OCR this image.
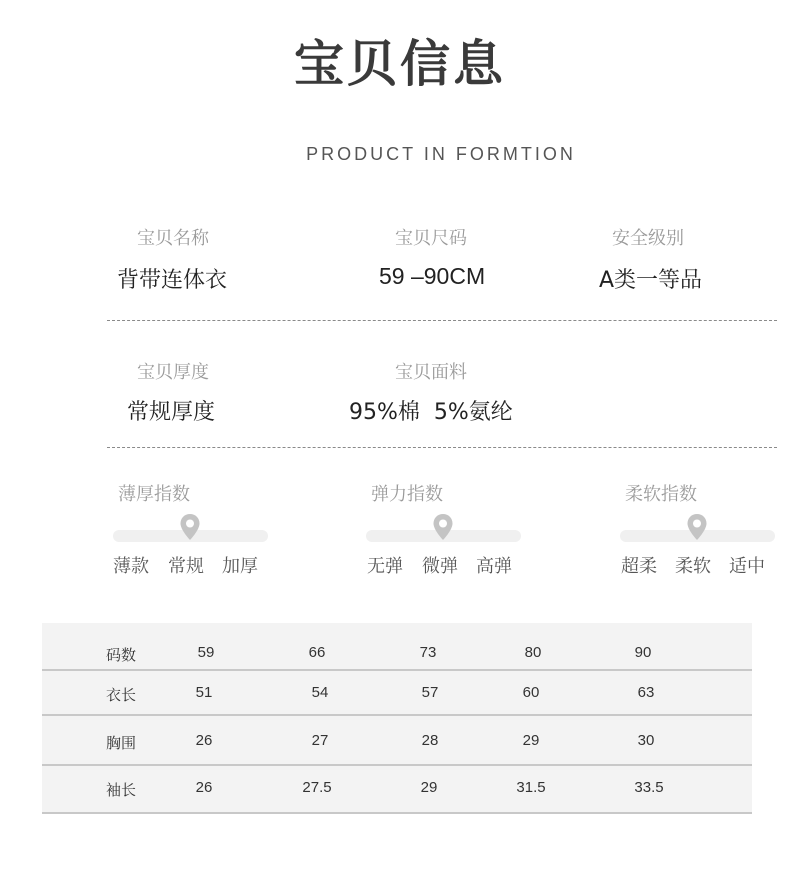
宝贝信息
PRODUCT IN FORMTION
宝贝名称
背带连体衣
宝贝尺码
59 –90CM
安全级别
A类一等品
宝贝厚度
常规厚度
宝贝面料
95%棉  5%氨纶
薄厚指数
薄款 常规 加厚
弹力指数
无弹 微弹 高弹
柔软指数
超柔 柔软 适中
码数	59	66	73	80	90
衣长	51	54	57	60	63
胸围	26	27	28	29	30
袖长	26	27.5	29	31.5	33.5
